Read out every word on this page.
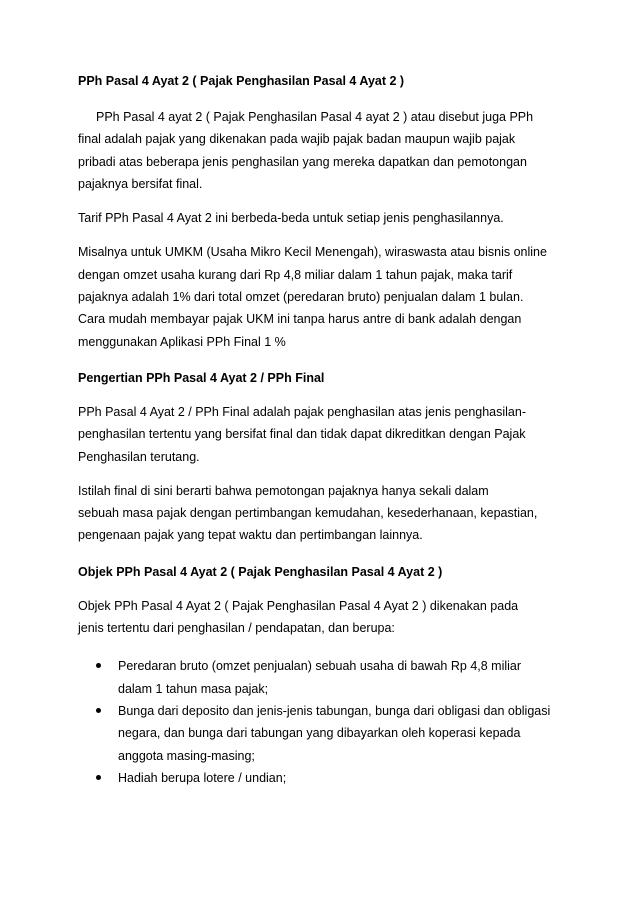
PPh Pasal 4 Ayat 2 ( Pajak Penghasilan Pasal 4 Ayat 2 )

PPh Pasal 4 ayat 2 ( Pajak Penghasilan Pasal 4 ayat 2 ) atau disebut juga PPh
final adalah pajak yang dikenakan pada wajib pajak badan maupun wajib pajak
pribadi atas beberapa jenis penghasilan yang mereka dapatkan dan pemotongan
pajaknya bersifat final.

Tarif PPh Pasal 4 Ayat 2 ini berbeda-beda untuk setiap jenis penghasilannya.

Misalnya untuk UMKM (Usaha Mikro Kecil Menengah), wiraswasta atau bisnis online
dengan omzet usaha kurang dari Rp 4,8 miliar dalam 1 tahun pajak, maka tarif
pajaknya adalah 1% dari total omzet (peredaran bruto) penjualan dalam 1 bulan.
Cara mudah membayar pajak UKM ini tanpa harus antre di bank adalah dengan
menggunakan Aplikasi PPh Final 1 %

Pengertian PPh Pasal 4 Ayat 2 / PPh Final

PPh Pasal 4 Ayat 2 / PPh Final adalah pajak penghasilan atas jenis penghasilan-
penghasilan tertentu yang bersifat final dan tidak dapat dikreditkan dengan Pajak
Penghasilan terutang.

Istilah final di sini berarti bahwa pemotongan pajaknya hanya sekali dalam
sebuah masa pajak dengan pertimbangan kemudahan, kesederhanaan, kepastian,
pengenaan pajak yang tepat waktu dan pertimbangan lainnya.

Objek PPh Pasal 4 Ayat 2 ( Pajak Penghasilan Pasal 4 Ayat 2 )

Objek PPh Pasal 4 Ayat 2 ( Pajak Penghasilan Pasal 4 Ayat 2 ) dikenakan pada
jenis tertentu dari penghasilan / pendapatan, dan berupa:

Peredaran bruto (omzet penjualan) sebuah usaha di bawah Rp 4,8 miliar
dalam 1 tahun masa pajak;
Bunga dari deposito dan jenis-jenis tabungan, bunga dari obligasi dan obligasi
negara, dan bunga dari tabungan yang dibayarkan oleh koperasi kepada
anggota masing-masing;
Hadiah berupa lotere / undian;
